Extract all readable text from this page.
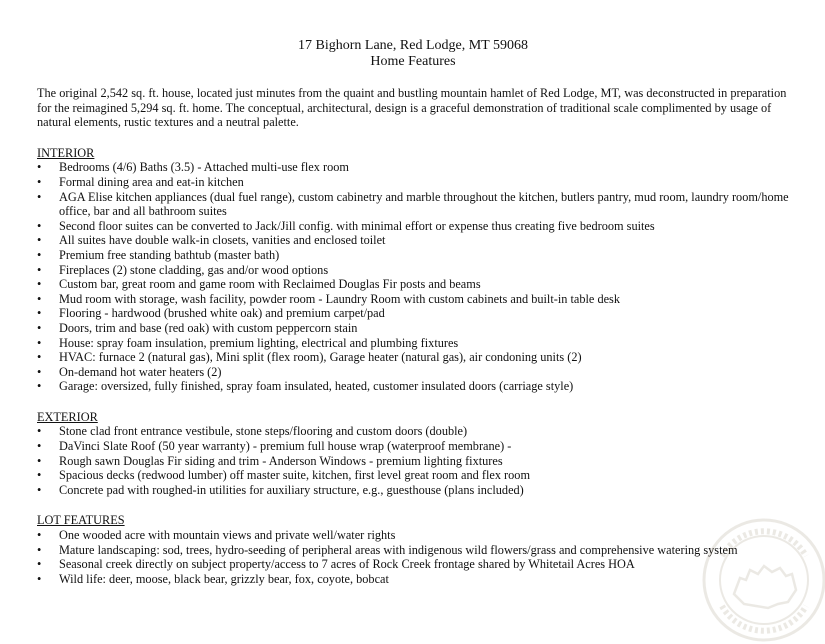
17 Bighorn Lane, Red Lodge, MT 59068
Home Features
The original 2,542 sq. ft. house, located just minutes from the quaint and bustling mountain hamlet of Red Lodge, MT, was deconstructed in preparation for the reimagined 5,294 sq. ft. home. The conceptual, architectural, design is a graceful demonstration of traditional scale complimented by usage of natural elements, rustic textures and a neutral palette.
INTERIOR
• Bedrooms (4/6) Baths (3.5) - Attached multi-use flex room
• Formal dining area and eat-in kitchen
• AGA Elise kitchen appliances (dual fuel range), custom cabinetry and marble throughout the kitchen, butlers pantry, mud room, laundry room/home office, bar and all bathroom suites
• Second floor suites can be converted to Jack/Jill config. with minimal effort or expense thus creating five bedroom suites
• All suites have double walk-in closets, vanities and enclosed toilet
• Premium free standing bathtub (master bath)
• Fireplaces (2) stone cladding, gas and/or wood options
• Custom bar, great room and game room with Reclaimed Douglas Fir posts and beams
• Mud room with storage, wash facility, powder room - Laundry Room with custom cabinets and built-in table desk
• Flooring - hardwood (brushed white oak) and premium carpet/pad
• Doors, trim and base (red oak) with custom peppercorn stain
• House: spray foam insulation, premium lighting, electrical and plumbing fixtures
• HVAC: furnace 2 (natural gas), Mini split (flex room), Garage heater (natural gas), air condoning units (2)
• On-demand hot water heaters (2)
• Garage: oversized, fully finished, spray foam insulated, heated, customer insulated doors (carriage style)
EXTERIOR
• Stone clad front entrance vestibule, stone steps/flooring and custom doors (double)
• DaVinci Slate Roof (50 year warranty) - premium full house wrap (waterproof membrane) -
• Rough sawn Douglas Fir siding and trim - Anderson Windows - premium lighting fixtures
• Spacious decks (redwood lumber) off master suite, kitchen, first level great room and flex room
• Concrete pad with roughed-in utilities for auxiliary structure, e.g., guesthouse (plans included)
LOT FEATURES
• One wooded acre with mountain views and private well/water rights
• Mature landscaping: sod, trees, hydro-seeding of peripheral areas with indigenous wild flowers/grass and comprehensive watering system
• Seasonal creek directly on subject property/access to 7 acres of Rock Creek frontage shared by Whitetail Acres HOA
• Wild life: deer, moose, black bear, grizzly bear, fox, coyote, bobcat
